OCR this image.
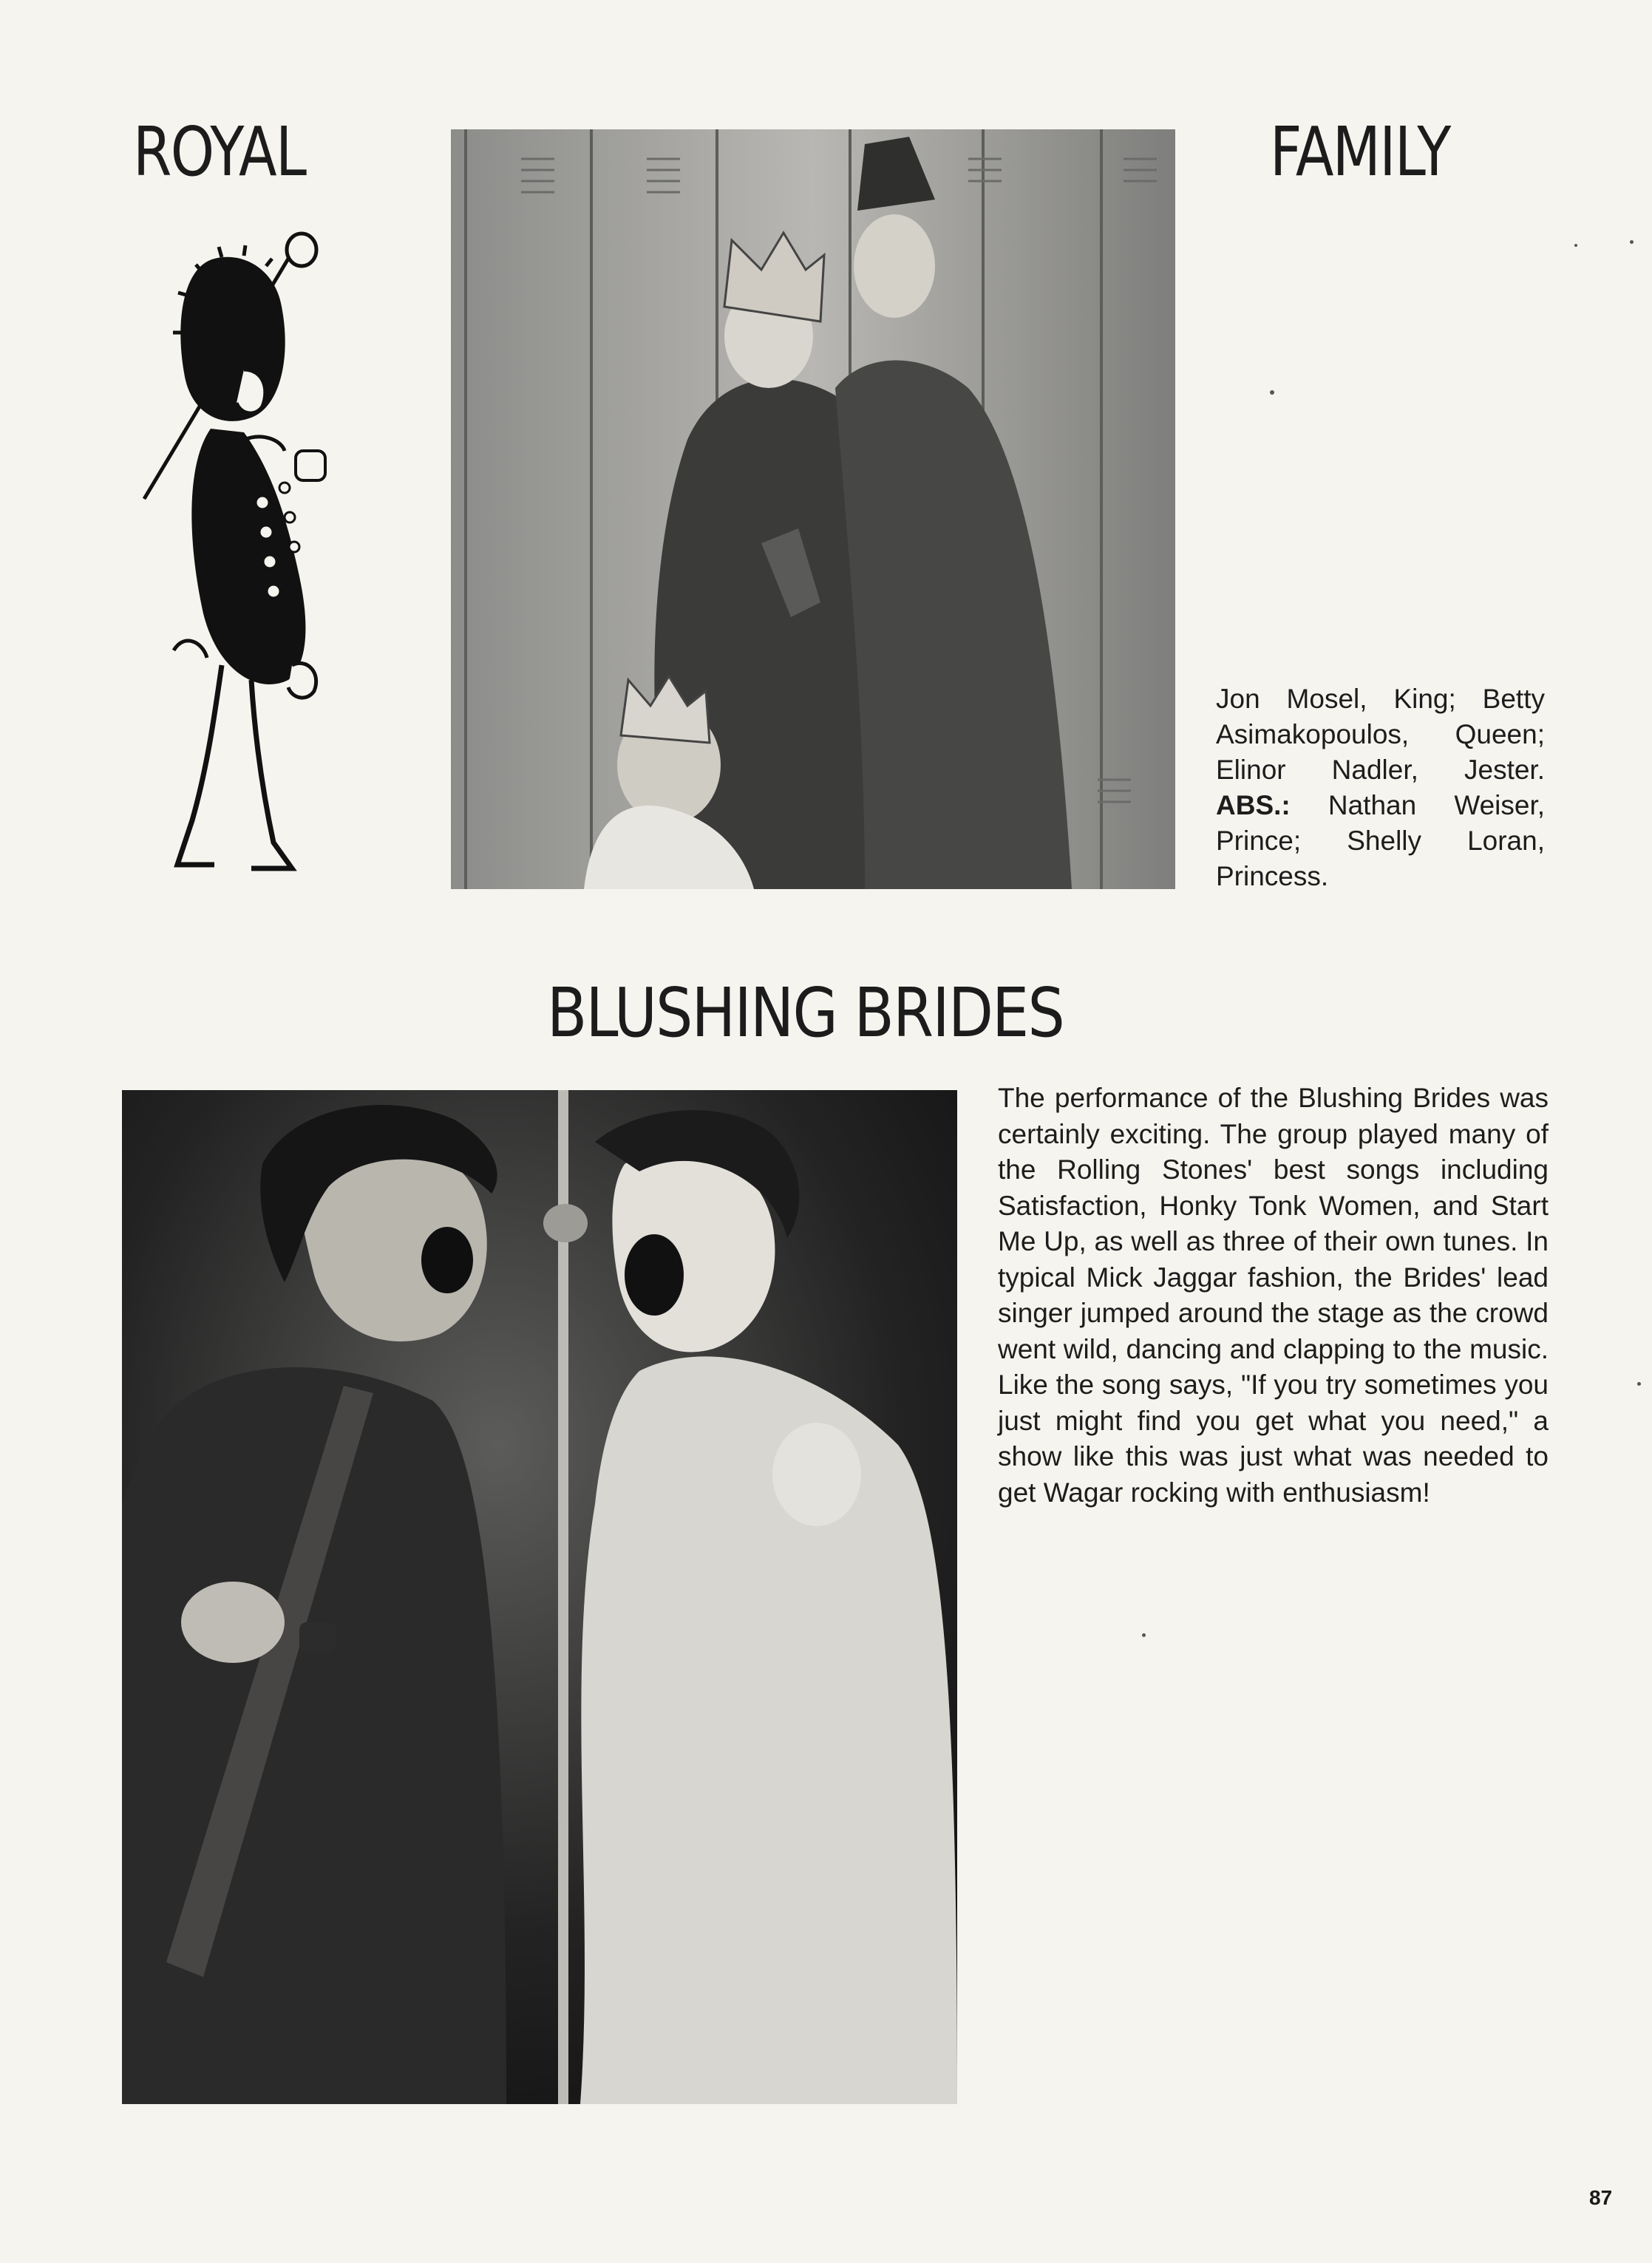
ROYAL	FAMILY

Jon Mosel, King; Betty Asimakopoulos, Queen; Elinor Nadler, Jester. ABS.: Nathan Weiser, Prince; Shelly Loran, Princess.

BLUSHING BRIDES

The performance of the Blushing Brides was certainly exciting. The group played many of the Rolling Stones' best songs including Satisfaction, Honky Tonk Women, and Start Me Up, as well as three of their own tunes. In typical Mick Jaggar fashion, the Brides' lead singer jumped around the stage as the crowd went wild, dancing and clapping to the music. Like the song says, "If you try sometimes you just might find you get what you need," a show like this was just what was needed to get Wagar rocking with enthusiasm!

87
